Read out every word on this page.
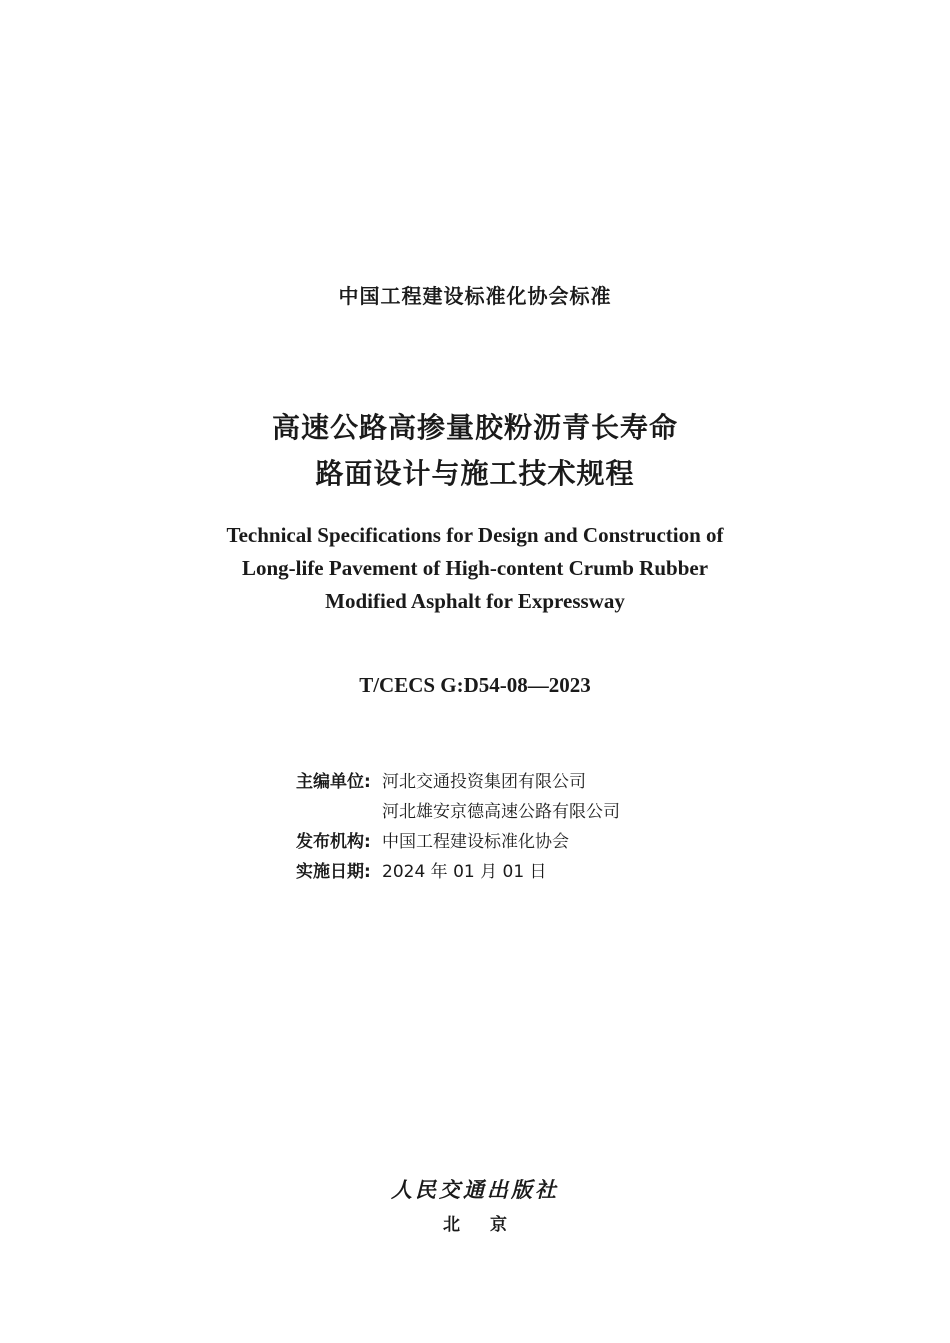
中国工程建设标准化协会标准
高速公路高掺量胶粉沥青长寿命
路面设计与施工技术规程
Technical Specifications for Design and Construction of
Long-life Pavement of High-content Crumb Rubber
Modified Asphalt for Expressway
T/CECS G:D54-08—2023
主编单位: 河北交通投资集团有限公司
河北雄安京德高速公路有限公司
发布机构: 中国工程建设标准化协会
实施日期: 2024 年 01 月 01 日
人民交通出版社
北 京
